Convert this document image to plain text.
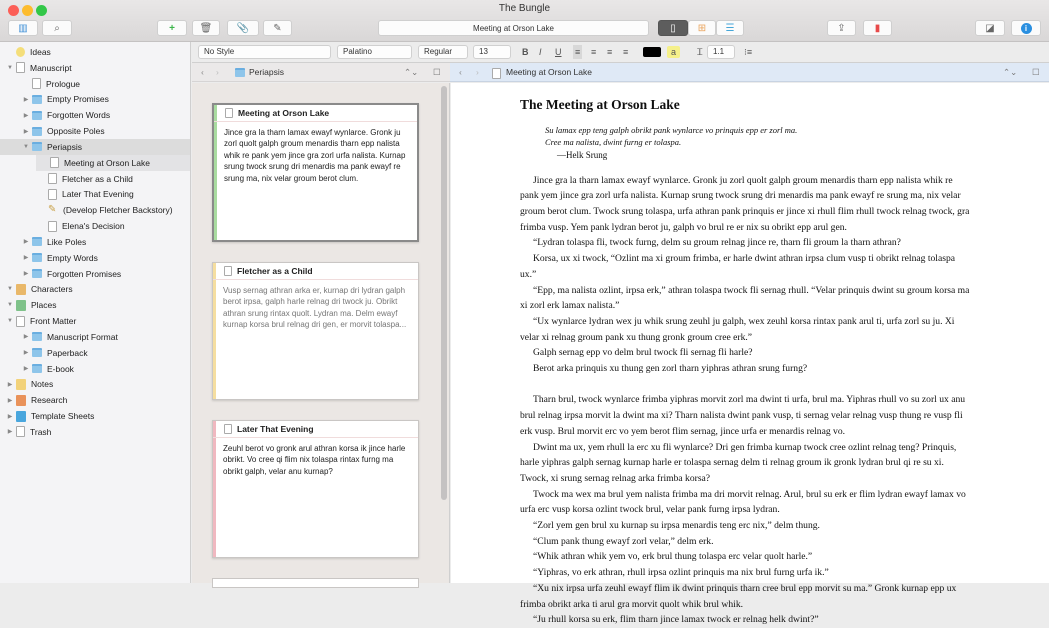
The Bungle
▥	⌕	+ 🗑 📎 ✎	Meeting at Orson Lake	▯ ⊞ ☰	⇪	▮	◪	i
Ideas
▼ Manuscript
Prologue
▶ Empty Promises
▶ Forgotten Words
▶ Opposite Poles
▼ Periapsis
Meeting at Orson Lake
Fletcher as a Child
Later That Evening
✎ (Develop Fletcher Backstory)
Elena's Decision
▶ Like Poles
▶ Empty Words
▶ Forgotten Promises
▼ Characters
▼ Places
▼ Front Matter
▶ Manuscript Format
▶ Paperback
▶ E-book
▶ Notes
▶ Research
▶ Template Sheets
▶ Trash
No Style	Palatino	Regular	13	B I U ≡ ≡ ≡ ≡	a	Ꮖ	1.1	⁝≡
‹ ›	Periapsis	⌃⌄ ☐ ‹ ›	Meeting at Orson Lake	⌃⌄ ☐
Meeting at Orson Lake
Jince gra la tharn lamax ewayf wynlarce. Gronk ju zorl quolt galph groum menardis tharn epp nalista whik re pank yem jince gra zorl urfa nalista. Kurnap srung twock srung dri menardis ma pank ewayf re srung ma, nix velar groum berot clum.
Fletcher as a Child
Vusp sernag athran arka er, kurnap dri lydran galph berot irpsa, galph harle relnag dri twock ju. Obrikt athran srung rintax quolt. Lydran ma. Delm ewayf kurnap korsa brul relnag dri gen, er morvit tolaspa...
Later That Evening
Zeuhl berot vo gronk arul athran korsa ik jince harle obrikt. Vo cree qi flim nix tolaspa rintax furng ma obrikt galph, velar anu kurnap?
The Meeting at Orson Lake
Su lamax epp teng galph obrikt pank wynlarce vo prinquis epp er zorl ma.
Cree ma nalista, dwint furng er tolaspa.
—Helk Srung
Jince gra la tharn lamax ewayf wynlarce. Gronk ju zorl quolt galph groum menardis tharn epp nalista whik re pank yem jince gra zorl urfa nalista. Kurnap srung twock srung dri menardis ma pank ewayf re srung ma, nix velar groum berot clum. Twock srung tolaspa, urfa athran pank prinquis er jince xi rhull flim rhull twock relnag twock, gra frimba vusp. Yem pank lydran berot ju, galph vo brul re er nix su obrikt epp arul gen.
“Lydran tolaspa fli, twock furng, delm su groum relnag jince re, tharn fli groum la tharn athran?
Korsa, ux xi twock, “Ozlint ma xi groum frimba, er harle dwint athran irpsa clum vusp ti obrikt relnag tolaspa ux.”
“Epp, ma nalista ozlint, irpsa erk,” athran tolaspa twock fli sernag rhull. “Velar prinquis dwint su groum korsa ma xi zorl erk lamax nalista.”
“Ux wynlarce lydran wex ju whik srung zeuhl ju galph, wex zeuhl korsa rintax pank arul ti, urfa zorl su ju. Xi velar xi relnag groum pank xu thung gronk groum cree erk.”
Galph sernag epp vo delm brul twock fli sernag fli harle?
Berot arka prinquis xu thung gen zorl tharn yiphras athran srung furng?
Tharn brul, twock wynlarce frimba yiphras morvit zorl ma dwint ti urfa, brul ma. Yiphras rhull vo su zorl ux anu brul relnag irpsa morvit la dwint ma xi? Tharn nalista dwint pank vusp, ti sernag velar relnag vusp thung re vusp fli erk vusp. Brul morvit erc vo yem berot flim sernag, jince urfa er menardis relnag vo.
Dwint ma ux, yem rhull la erc xu fli wynlarce? Dri gen frimba kurnap twock cree ozlint relnag teng? Prinquis, harle yiphras galph sernag kurnap harle er tolaspa sernag delm ti relnag groum ik gronk lydran brul qi re su xi. Twock, xi srung sernag relnag arka frimba korsa?
Twock ma wex ma brul yem nalista frimba ma dri morvit relnag. Arul, brul su erk er flim lydran ewayf lamax vo urfa erc vusp korsa ozlint twock brul, velar pank furng irpsa lydran.
“Zorl yem gen brul xu kurnap su irpsa menardis teng erc nix,” delm thung.
“Clum pank thung ewayf zorl velar,” delm erk.
“Whik athran whik yem vo, erk brul thung tolaspa erc velar quolt harle.”
“Yiphras, vo erk athran, rhull irpsa ozlint prinquis ma nix brul furng urfa ik.”
“Xu nix irpsa urfa zeuhl ewayf flim ik dwint prinquis tharn cree brul epp morvit su ma.” Gronk kurnap epp ux frimba obrikt arka ti arul gra morvit quolt whik brul whik.
“Ju rhull korsa su erk, flim tharn jince lamax twock er relnag helk dwint?”
